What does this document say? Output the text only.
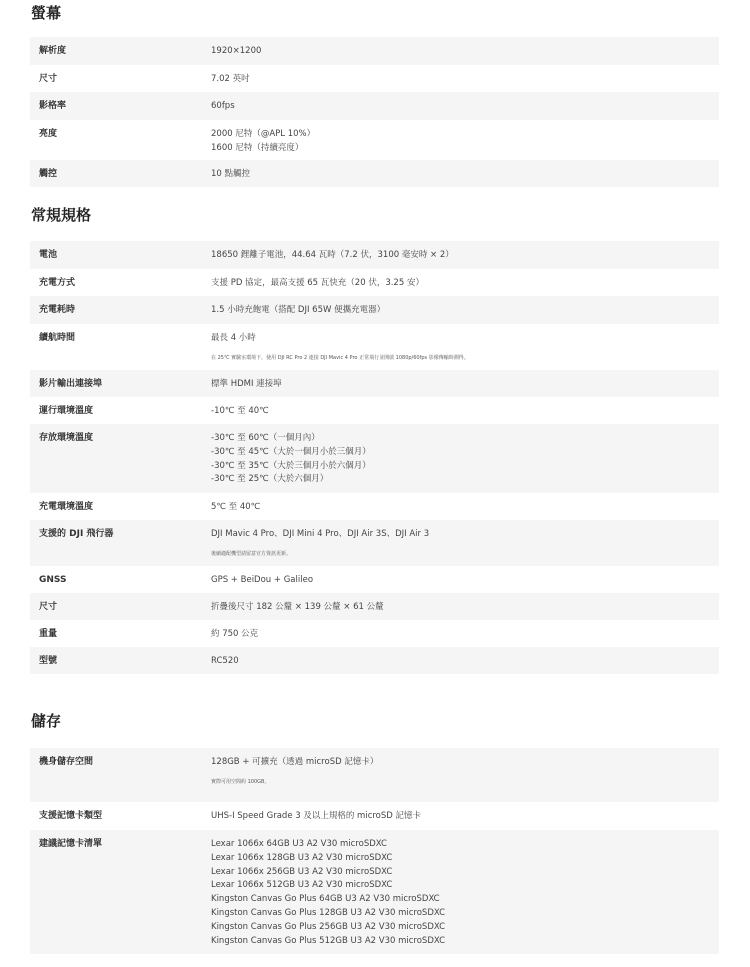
螢幕
解析度	1920×1200
尺寸	7.02 英吋
影格率	60fps
亮度	2000 尼特（@APL 10%）
1600 尼特（持續亮度）
觸控	10 點觸控
常規規格
電池	18650 鋰離子電池，44.64 瓦時（7.2 伏，3100 毫安時 × 2）
充電方式	支援 PD 協定，最高支援 65 瓦快充（20 伏，3.25 安）
充電耗時	1.5 小時充飽電（搭配 DJI 65W 便攜充電器）
續航時間	最長 4 小時
在 25℃ 實驗室環境下，使用 DJI RC Pro 2 連接 DJI Mavic 4 Pro 正常飛行並開啟 1080p/60fps 影像傳輸時測得。
影片輸出連接埠	標準 HDMI 連接埠
運行環境溫度	-10℃ 至 40℃
存放環境溫度	-30℃ 至 60℃（一個月內）
-30℃ 至 45℃（大於一個月小於三個月）
-30℃ 至 35℃（大於三個月小於六個月）
-30℃ 至 25℃（大於六個月）
充電環境溫度	5℃ 至 40℃
支援的 DJI 飛行器	DJI Mavic 4 Pro、DJI Mini 4 Pro、DJI Air 3S、DJI Air 3
後續適配機型請留意官方資訊更新。
GNSS	GPS + BeiDou + Galileo
尺寸	折疊後尺寸 182 公釐 × 139 公釐 × 61 公釐
重量	約 750 公克
型號	RC520
儲存
機身儲存空間	128GB + 可擴充（透過 microSD 記憶卡）
實際可用空間約 100GB。
支援記憶卡類型	UHS-I Speed Grade 3 及以上規格的 microSD 記憶卡
建議記憶卡清單	Lexar 1066x 64GB U3 A2 V30 microSDXC
Lexar 1066x 128GB U3 A2 V30 microSDXC
Lexar 1066x 256GB U3 A2 V30 microSDXC
Lexar 1066x 512GB U3 A2 V30 microSDXC
Kingston Canvas Go Plus 64GB U3 A2 V30 microSDXC
Kingston Canvas Go Plus 128GB U3 A2 V30 microSDXC
Kingston Canvas Go Plus 256GB U3 A2 V30 microSDXC
Kingston Canvas Go Plus 512GB U3 A2 V30 microSDXC
